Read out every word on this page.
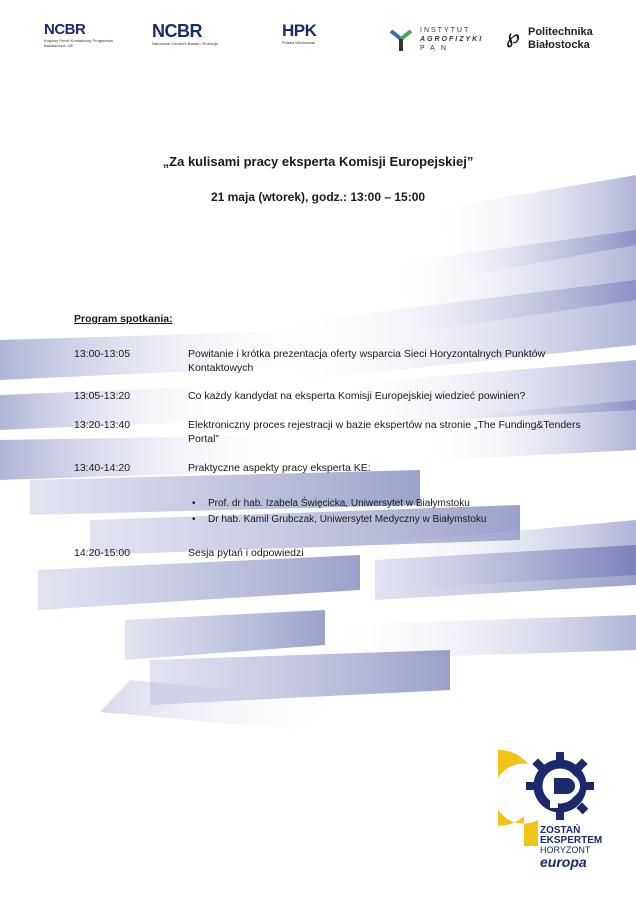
NCBR
Krajowy Punkt Kontaktowy Programów Badawczych UE
NCBR
Narodowe Centrum Badań i Rozwoju
HPK
Polska Wschodnia
INSTYTUT
AGROFIZYKI
PAN
℘ Politechnika
Białostocka
„Za kulisami pracy eksperta Komisji Europejskiej”
21 maja (wtorek), godz.: 13:00 – 15:00
Program spotkania:
13:00-13:05	Powitanie i krótka prezentacja oferty wsparcia Sieci Horyzontalnych Punktów Kontaktowych
13:05-13:20	Co każdy kandydat na eksperta Komisji Europejskiej wiedzieć powinien?
13:20-13:40	Elektroniczny proces rejestracji w bazie ekspertów na stronie „The Funding&Tenders Portal”
13:40-14:20	Praktyczne aspekty pracy eksperta KE:
• Prof. dr hab. Izabela Święcicka, Uniwersytet w Białymstoku
• Dr hab. Kamil Grubczak, Uniwersytet Medyczny w Białymstoku
14:20-15:00	Sesja pytań i odpowiedzi
ZOSTAŃ
EKSPERTEM
HORYZONT
europa
